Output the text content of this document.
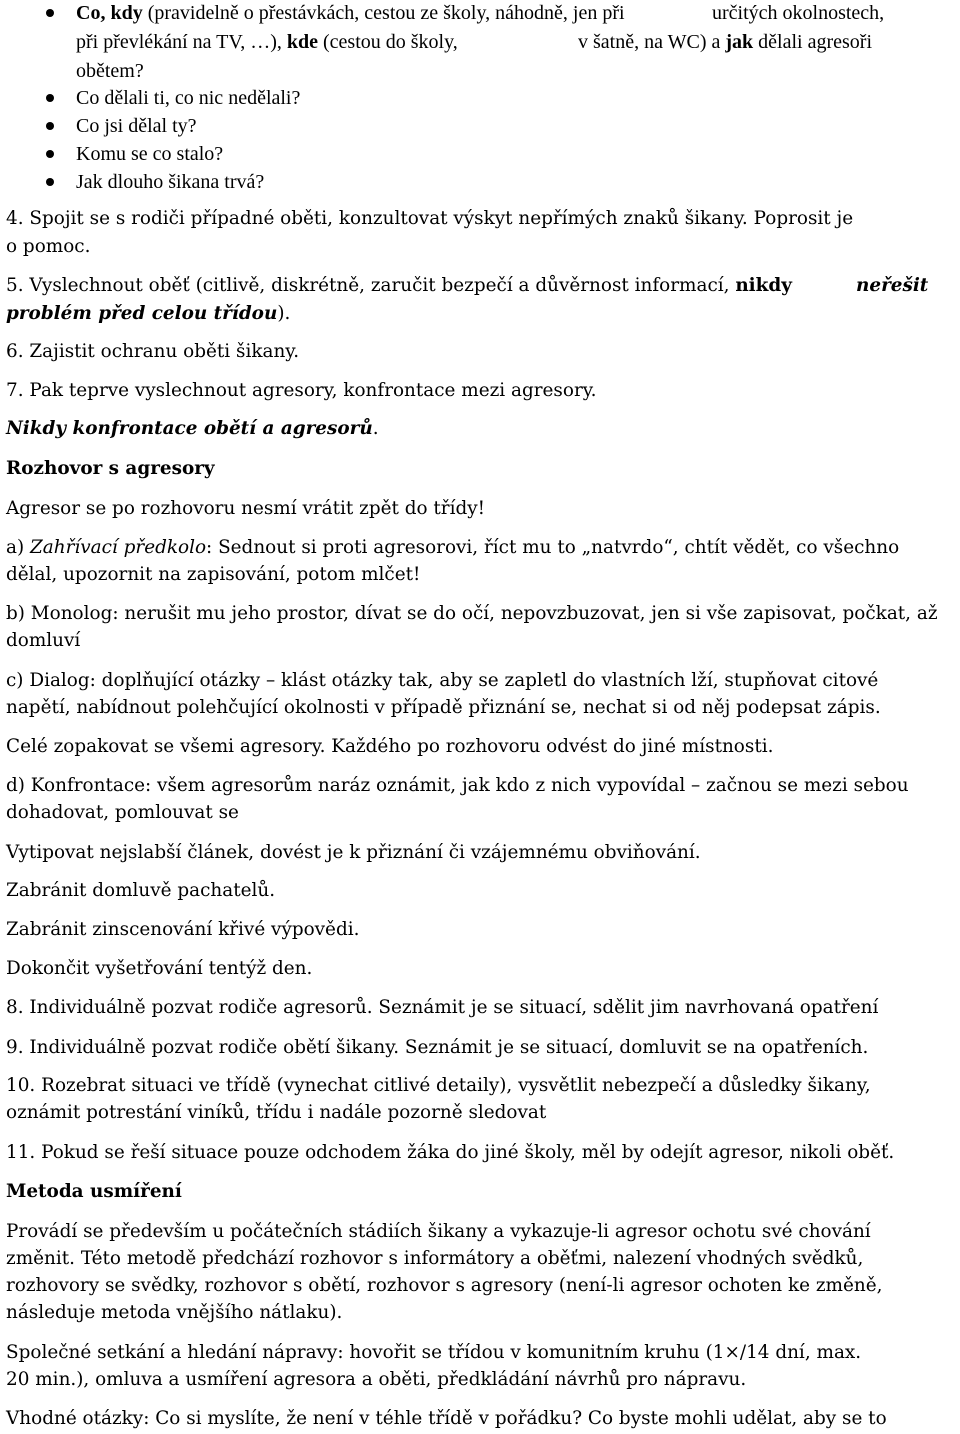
Co, kdy (pravidelně o přestávkách, cestou ze školy, náhodně, jen při	určitých okolnostech,
při převlékání na TV, …), kde (cestou do školy,	v šatně, na WC) a jak dělali agresoři
obětem?
Co dělali ti, co nic nedělali?
Co jsi dělal ty?
Komu se co stalo?
Jak dlouho šikana trvá?
4. Spojit se s rodiči případné oběti, konzultovat výskyt nepřímých znaků šikany. Poprosit je
o pomoc.
5. Vyslechnout oběť (citlivě, diskrétně, zaručit bezpečí a důvěrnost informací, nikdy	neřešit
problém před celou třídou).
6. Zajistit ochranu oběti šikany.
7. Pak teprve vyslechnout agresory, konfrontace mezi agresory.
Nikdy konfrontace obětí a agresorů.
Rozhovor s agresory
Agresor se po rozhovoru nesmí vrátit zpět do třídy!
a) Zahřívací předkolo: Sednout si proti agresorovi, říct mu to „natvrdo“, chtít vědět, co všechno
dělal, upozornit na zapisování, potom mlčet!
b) Monolog: nerušit mu jeho prostor, dívat se do očí, nepovzbuzovat, jen si vše zapisovat, počkat, až
domluví
c) Dialog: doplňující otázky – klást otázky tak, aby se zapletl do vlastních lží, stupňovat citové
napětí, nabídnout polehčující okolnosti v případě přiznání se, nechat si od něj podepsat zápis.
Celé zopakovat se všemi agresory. Každého po rozhovoru odvést do jiné místnosti.
d) Konfrontace: všem agresorům naráz oznámit, jak kdo z nich vypovídal – začnou se mezi sebou
dohadovat, pomlouvat se
Vytipovat nejslabší článek, dovést je k přiznání či vzájemnému obviňování.
Zabránit domluvě pachatelů.
Zabránit zinscenování křivé výpovědi.
Dokončit vyšetřování tentýž den.
8. Individuálně pozvat rodiče agresorů. Seznámit je se situací, sdělit jim navrhovaná opatření
9. Individuálně pozvat rodiče obětí šikany. Seznámit je se situací, domluvit se na opatřeních.
10. Rozebrat situaci ve třídě (vynechat citlivé detaily), vysvětlit nebezpečí a důsledky šikany,
oznámit potrestání viníků, třídu i nadále pozorně sledovat
11. Pokud se řeší situace pouze odchodem žáka do jiné školy, měl by odejít agresor, nikoli oběť.
Metoda usmíření
Provádí se především u počátečních stádiích šikany a vykazuje-li agresor ochotu své chování
změnit. Této metodě předchází rozhovor s informátory a oběťmi, nalezení vhodných svědků,
rozhovory se svědky, rozhovor s obětí, rozhovor s agresory (není-li agresor ochoten ke změně,
následuje metoda vnějšího nátlaku).
Společné setkání a hledání nápravy: hovořit se třídou v komunitním kruhu (1×/14 dní, max.
20 min.), omluva a usmíření agresora a oběti, předkládání návrhů pro nápravu.
Vhodné otázky: Co si myslíte, že není v téhle třídě v pořádku? Co byste mohli udělat, aby se to
